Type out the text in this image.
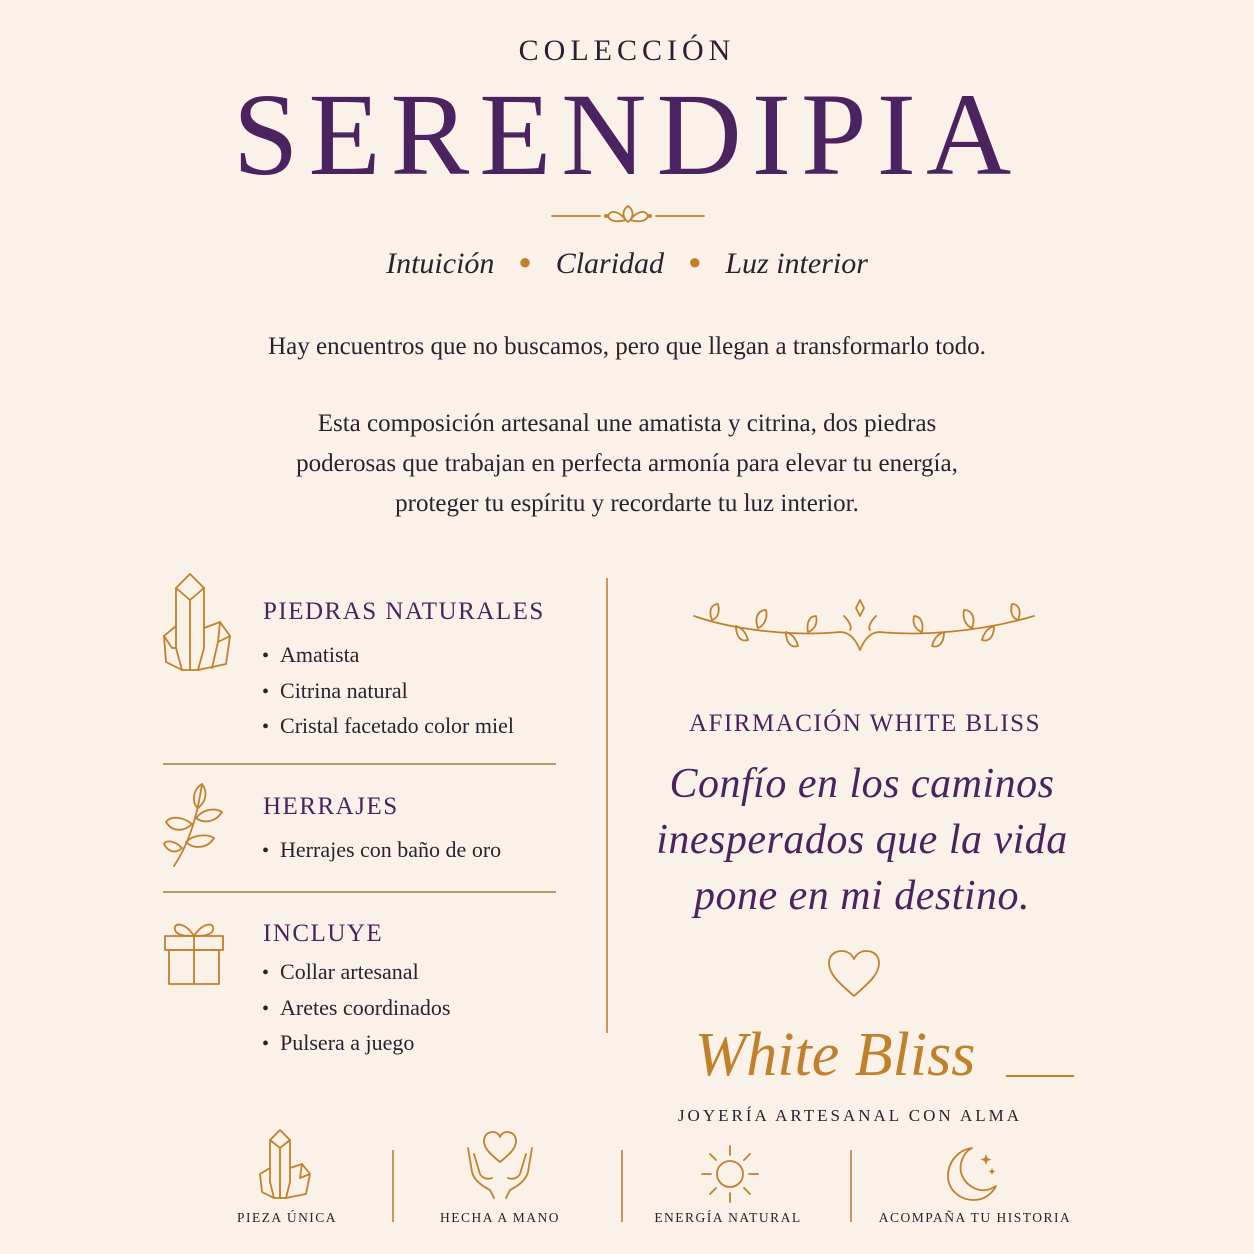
COLECCIÓN
SERENDIPIA
Intuición ● Claridad ● Luz interior
Hay encuentros que no buscamos, pero que llegan a transformarlo todo.
Esta composición artesanal une amatista y citrina, dos piedras
poderosas que trabajan en perfecta armonía para elevar tu energía,
proteger tu espíritu y recordarte tu luz interior.
PIEDRAS NATURALES
• Amatista
• Citrina natural
• Cristal facetado color miel
HERRAJES
• Herrajes con baño de oro
INCLUYE
• Collar artesanal
• Aretes coordinados
• Pulsera a juego
AFIRMACIÓN WHITE BLISS
Confío en los caminos
inesperados que la vida
pone en mi destino.
White Bliss
JOYERÍA ARTESANAL CON ALMA
PIEZA ÚNICA	HECHA A MANO	ENERGÍA NATURAL	ACOMPAÑA TU HISTORIA
